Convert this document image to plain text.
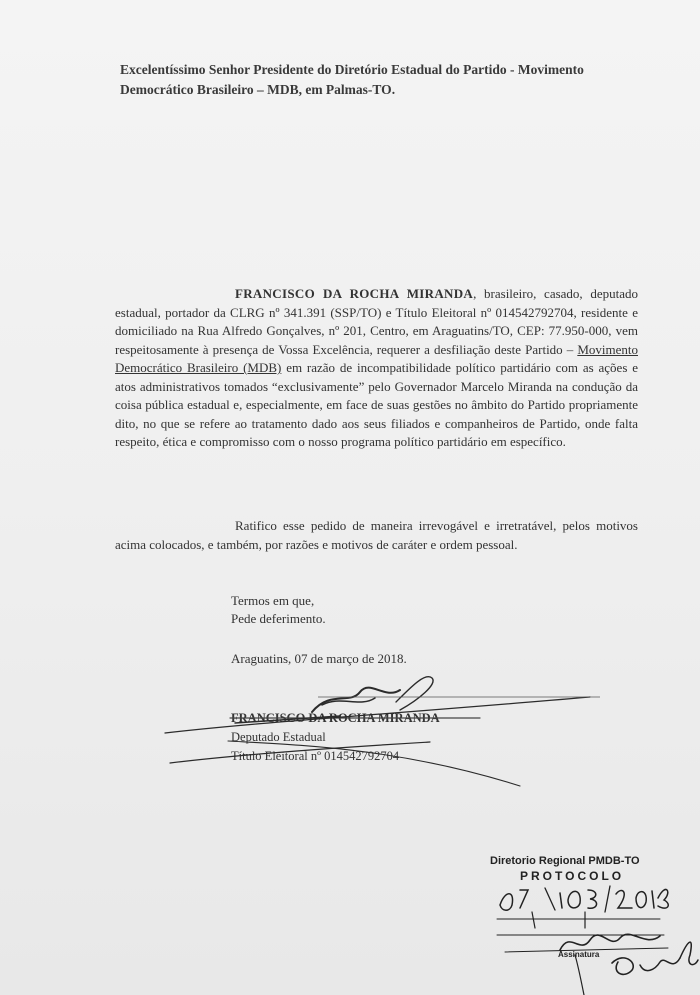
Excelentíssimo Senhor Presidente do Diretório Estadual do Partido - Movimento Democrático Brasileiro – MDB, em Palmas-TO.
FRANCISCO DA ROCHA MIRANDA, brasileiro, casado, deputado estadual, portador da CLRG nº 341.391 (SSP/TO) e Título Eleitoral nº 014542792704, residente e domiciliado na Rua Alfredo Gonçalves, nº 201, Centro, em Araguatins/TO, CEP: 77.950-000, vem respeitosamente à presença de Vossa Excelência, requerer a desfiliação deste Partido – Movimento Democrático Brasileiro (MDB) em razão de incompatibilidade político partidário com as ações e atos administrativos tomados “exclusivamente” pelo Governador Marcelo Miranda na condução da coisa pública estadual e, especialmente, em face de suas gestões no âmbito do Partido propriamente dito, no que se refere ao tratamento dado aos seus filiados e companheiros de Partido, onde falta respeito, ética e compromisso com o nosso programa político partidário em específico.
Ratifico esse pedido de maneira irrevogável e irretratável, pelos motivos acima colocados, e também, por razões e motivos de caráter e ordem pessoal.
Termos em que,
Pede deferimento.
Araguatins, 07 de março de 2018.
FRANCISCO DA ROCHA MIRANDA
Deputado Estadual
Título Eleitoral nº 014542792704
Diretorio Regional PMDB-TO
PROTOCOLO
Assinatura
